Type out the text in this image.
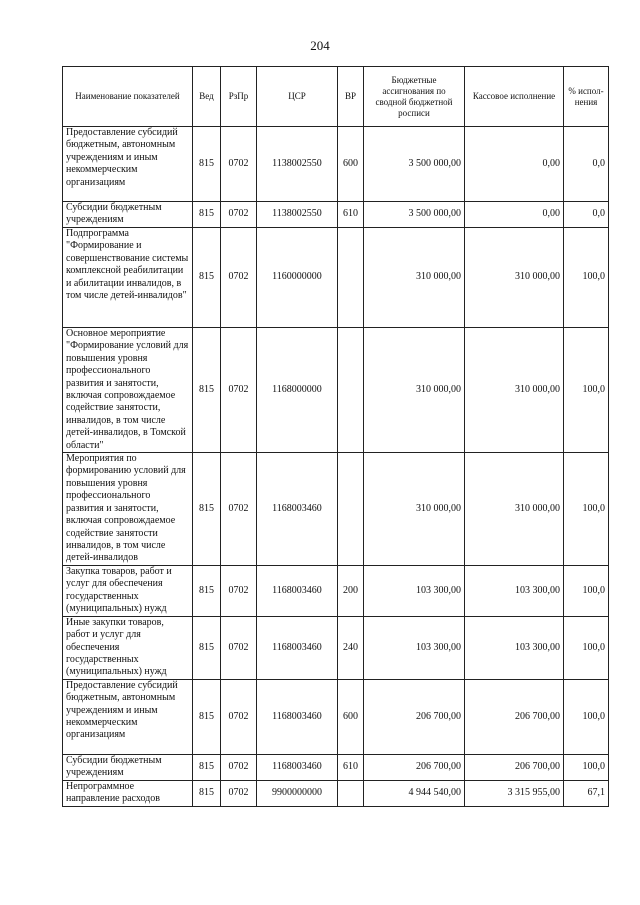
204
Наименование показателей	Вед	РзПр	ЦСР	ВР	Бюджетные ассигнования по сводной бюджетной росписи	Кассовое исполнение	% испол-нения
Предоставление субсидий бюджетным, автономным учреждениям и иным некоммерческим организациям	815	0702	1138002550	600	3 500 000,00	0,00	0,0
Субсидии бюджетным учреждениям	815	0702	1138002550	610	3 500 000,00	0,00	0,0
Подпрограмма "Формирование и совершенствование системы комплексной реабилитации и абилитации инвалидов, в том числе детей-инвалидов"	815	0702	1160000000		310 000,00	310 000,00	100,0
Основное мероприятие "Формирование условий для повышения уровня профессионального развития и занятости, включая сопровождаемое содействие занятости, инвалидов, в том числе детей-инвалидов, в Томской области"	815	0702	1168000000		310 000,00	310 000,00	100,0
Мероприятия по формированию условий для повышения уровня профессионального развития и занятости, включая сопровождаемое содействие занятости инвалидов, в том числе детей-инвалидов	815	0702	1168003460		310 000,00	310 000,00	100,0
Закупка товаров, работ и услуг для обеспечения государственных (муниципальных) нужд	815	0702	1168003460	200	103 300,00	103 300,00	100,0
Иные закупки товаров, работ и услуг для обеспечения государственных (муниципальных) нужд	815	0702	1168003460	240	103 300,00	103 300,00	100,0
Предоставление субсидий бюджетным, автономным учреждениям и иным некоммерческим организациям	815	0702	1168003460	600	206 700,00	206 700,00	100,0
Субсидии бюджетным учреждениям	815	0702	1168003460	610	206 700,00	206 700,00	100,0
Непрограммное направление расходов	815	0702	9900000000		4 944 540,00	3 315 955,00	67,1
